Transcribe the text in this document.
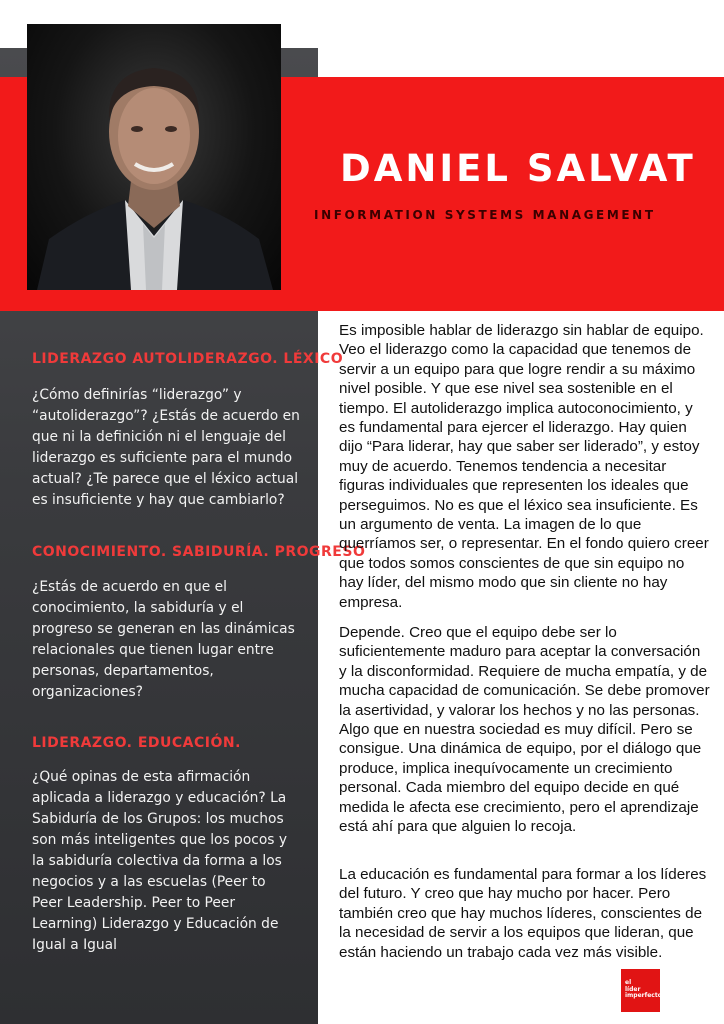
DANIEL SALVAT

INFORMATION SYSTEMS MANAGEMENT

LIDERAZGO AUTOLIDERAZGO. LÉXICO

¿Cómo definirías “liderazgo” y “autoliderazgo”? ¿Estás de acuerdo en que ni la definición ni el lenguaje del liderazgo es suficiente para el mundo actual? ¿Te parece que el léxico actual es insuficiente y hay que cambiarlo?

CONOCIMIENTO. SABIDURÍA. PROGRESO

¿Estás de acuerdo en que el conocimiento, la sabiduría y el progreso se generan en las dinámicas relacionales que tienen lugar entre personas, departamentos, organizaciones?

LIDERAZGO. EDUCACIÓN.

¿Qué opinas de esta afirmación aplicada a liderazgo y educación? La Sabiduría de los Grupos: los muchos son más inteligentes que los pocos y la sabiduría colectiva da forma a los negocios y a las escuelas (Peer to Peer Leadership. Peer to Peer Learning) Liderazgo y Educación de Igual a Igual

Es imposible hablar de liderazgo sin hablar de equipo. Veo el liderazgo como la capacidad que tenemos de servir a un equipo para que logre rendir a su máximo nivel posible. Y que ese nivel sea sostenible en el tiempo. El autoliderazgo implica autoconocimiento, y es fundamental para ejercer el liderazgo. Hay quien dijo “Para liderar, hay que saber ser liderado”, y estoy muy de acuerdo. Tenemos tendencia a necesitar figuras individuales que representen los ideales que perseguimos. No es que el léxico sea insuficiente. Es un argumento de venta. La imagen de lo que querríamos ser, o representar. En el fondo quiero creer que todos somos conscientes de que sin equipo no hay líder, del mismo modo que sin cliente no hay empresa.

Depende. Creo que el equipo debe ser lo suficientemente maduro para aceptar la conversación y la disconformidad. Requiere de mucha empatía, y de mucha capacidad de comunicación. Se debe promover la asertividad, y valorar los hechos y no las personas. Algo que en nuestra sociedad es muy difícil. Pero se consigue. Una dinámica de equipo, por el diálogo que produce, implica inequívocamente un crecimiento personal. Cada miembro del equipo decide en qué medida le afecta ese crecimiento, pero el aprendizaje está ahí para que alguien lo recoja.

La educación es fundamental para formar a los líderes del futuro. Y creo que hay mucho por hacer. Pero también creo que hay muchos líderes, conscientes de la necesidad de servir a los equipos que lideran, que están haciendo un trabajo cada vez más visible.

el
líder
imperfecto
